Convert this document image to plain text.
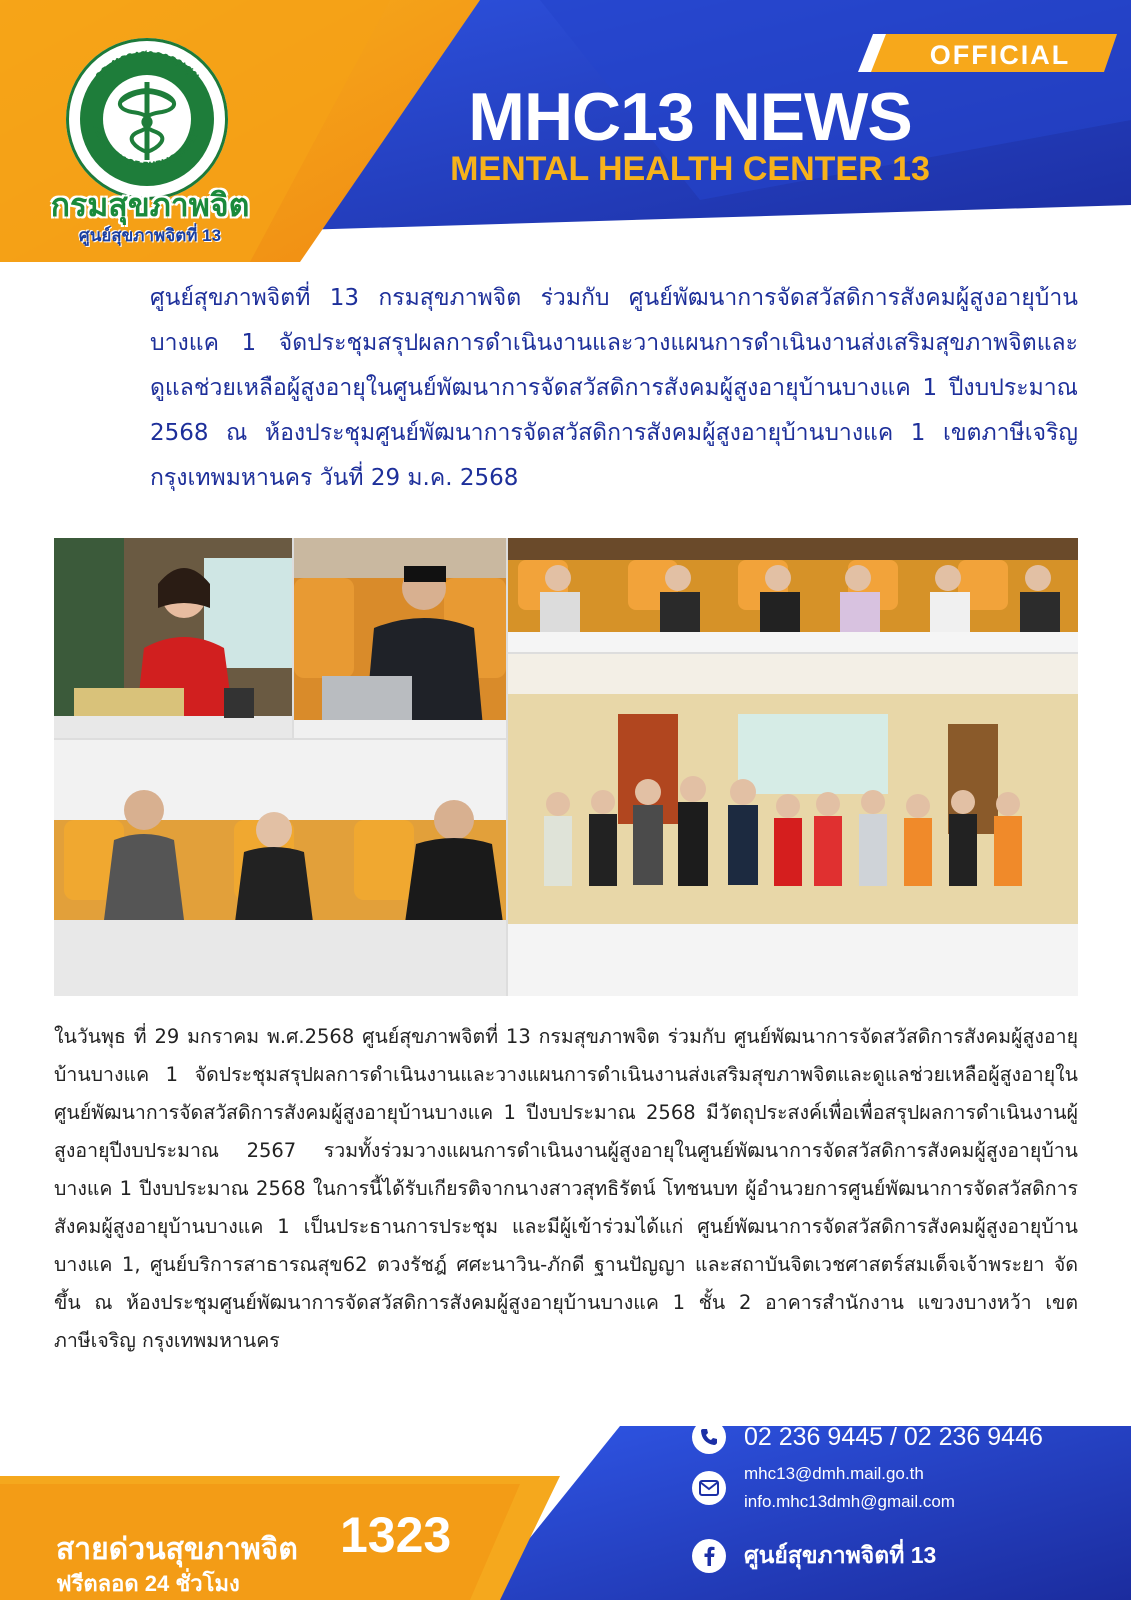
กระทรวงสาธารณสุข
MINISTRY OF PUBLIC HEALTH
กรมสุขภาพจิต
ศูนย์สุขภาพจิตที่ 13
OFFICIAL
MHC13 NEWS
MENTAL HEALTH CENTER 13
ศูนย์สุขภาพจิตที่ 13 กรมสุขภาพจิต ร่วมกับ ศูนย์พัฒนาการจัดสวัสดิการสังคมผู้สูงอายุบ้านบางแค 1 จัดประชุมสรุปผลการดำเนินงานและวางแผนการดำเนินงานส่งเสริมสุขภาพจิตและดูแลช่วยเหลือผู้สูงอายุในศูนย์พัฒนาการจัดสวัสดิการสังคมผู้สูงอายุบ้านบางแค 1 ปีงบประมาณ 2568 ณ ห้องประชุมศูนย์พัฒนาการจัดสวัสดิการสังคมผู้สูงอายุบ้านบางแค 1 เขตภาษีเจริญ กรุงเทพมหานคร วันที่ 29 ม.ค. 2568
ในวันพุธ ที่ 29 มกราคม พ.ศ.2568 ศูนย์สุขภาพจิตที่ 13 กรมสุขภาพจิต ร่วมกับ ศูนย์พัฒนาการจัดสวัสดิการสังคมผู้สูงอายุบ้านบางแค 1 จัดประชุมสรุปผลการดำเนินงานและวางแผนการดำเนินงานส่งเสริมสุขภาพจิตและดูแลช่วยเหลือผู้สูงอายุในศูนย์พัฒนาการจัดสวัสดิการสังคมผู้สูงอายุบ้านบางแค 1 ปีงบประมาณ 2568 มีวัตถุประสงค์เพื่อเพื่อสรุปผลการดำเนินงานผู้สูงอายุปีงบประมาณ 2567 รวมทั้งร่วมวางแผนการดำเนินงานผู้สูงอายุในศูนย์พัฒนาการจัดสวัสดิการสังคมผู้สูงอายุบ้านบางแค 1 ปีงบประมาณ 2568 ในการนี้ได้รับเกียรติจากนางสาวสุทธิรัตน์ โทชนบท ผู้อำนวยการศูนย์พัฒนาการจัดสวัสดิการสังคมผู้สูงอายุบ้านบางแค 1 เป็นประธานการประชุม และมีผู้เข้าร่วมได้แก่ ศูนย์พัฒนาการจัดสวัสดิการสังคมผู้สูงอายุบ้านบางแค 1, ศูนย์บริการสาธารณสุข62 ตวงรัชฎ์ ศศะนาวิน-ภักดี ฐานปัญญา และสถาบันจิตเวชศาสตร์สมเด็จเจ้าพระยา จัดขึ้น ณ ห้องประชุมศูนย์พัฒนาการจัดสวัสดิการสังคมผู้สูงอายุบ้านบางแค 1 ชั้น 2 อาคารสำนักงาน แขวงบางหว้า เขตภาษีเจริญ กรุงเทพมหานคร
สายด่วนสุขภาพจิต 1323
ฟรีตลอด 24 ชั่วโมง
02 236 9445 / 02 236 9446
mhc13@dmh.mail.go.th
info.mhc13dmh@gmail.com
ศูนย์สุขภาพจิตที่ 13
